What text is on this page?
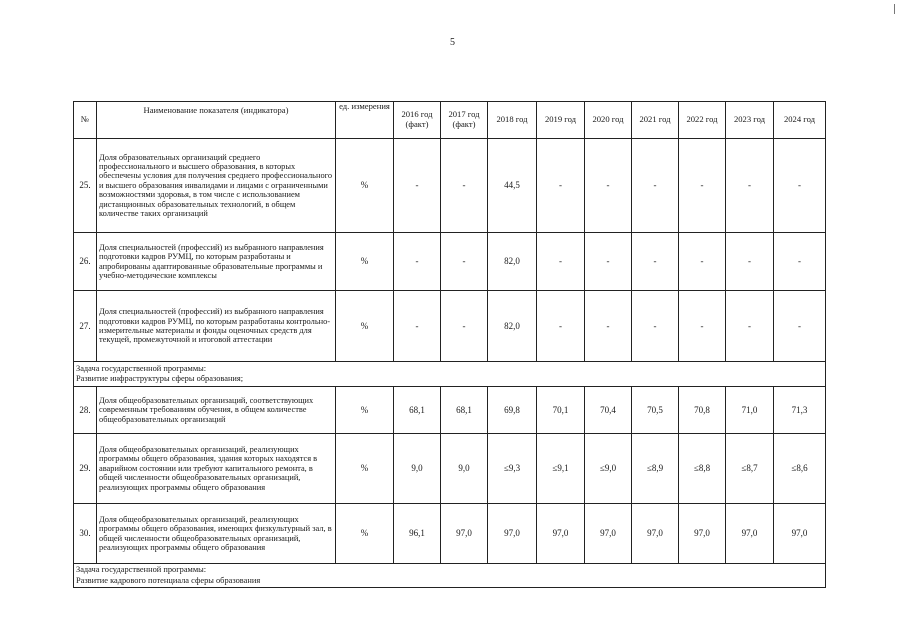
5
№	Наименование показателя (индикатора)	ед. измерения	2016 год (факт)	2017 год (факт)	2018 год	2019 год	2020 год	2021 год	2022 год	2023 год	2024 год
25.	Доля образовательных организаций среднего профессионального и высшего образования, в которых обеспечены условия для получения среднего профессионального и высшего образования инвалидами и лицами с ограниченными возможностями здоровья, в том числе с использованием дистанционных образовательных технологий, в общем количестве таких организаций	%	-	-	44,5	-	-	-	-	-	-
26.	Доля специальностей (профессий) из выбранного направления подготовки кадров РУМЦ, по которым разработаны и апробированы адаптированные образовательные программы и учебно-методические комплексы	%	-	-	82,0	-	-	-	-	-	-
27.	Доля специальностей (профессий) из выбранного направления подготовки кадров РУМЦ, по которым разработаны контрольно-измерительные материалы и фонды оценочных средств для текущей, промежуточной и итоговой аттестации	%	-	-	82,0	-	-	-	-	-	-

Задача государственной программы:
Развитие инфраструктуры сферы образования;											

28.	Доля общеобразовательных организаций, соответствующих современным требованиям обучения, в общем количестве общеобразовательных организаций	%	68,1	68,1	69,8	70,1	70,4	70,5	70,8	71,0	71,3
29.	Доля общеобразовательных организаций, реализующих программы общего образования, здания которых находятся в аварийном состоянии или требуют капитального ремонта, в общей численности общеобразовательных организаций, реализующих программы общего образования	%	9,0	9,0	≤9,3	≤9,1	≤9,0	≤8,9	≤8,8	≤8,7	≤8,6
30.	Доля общеобразовательных организаций, реализующих программы общего образования, имеющих физкультурный зал, в общей численности общеобразовательных организаций, реализующих программы общего образования	%	96,1	97,0	97,0	97,0	97,0	97,0	97,0	97,0	97,0

Задача государственной программы:
Развитие кадрового потенциала сферы образования											
